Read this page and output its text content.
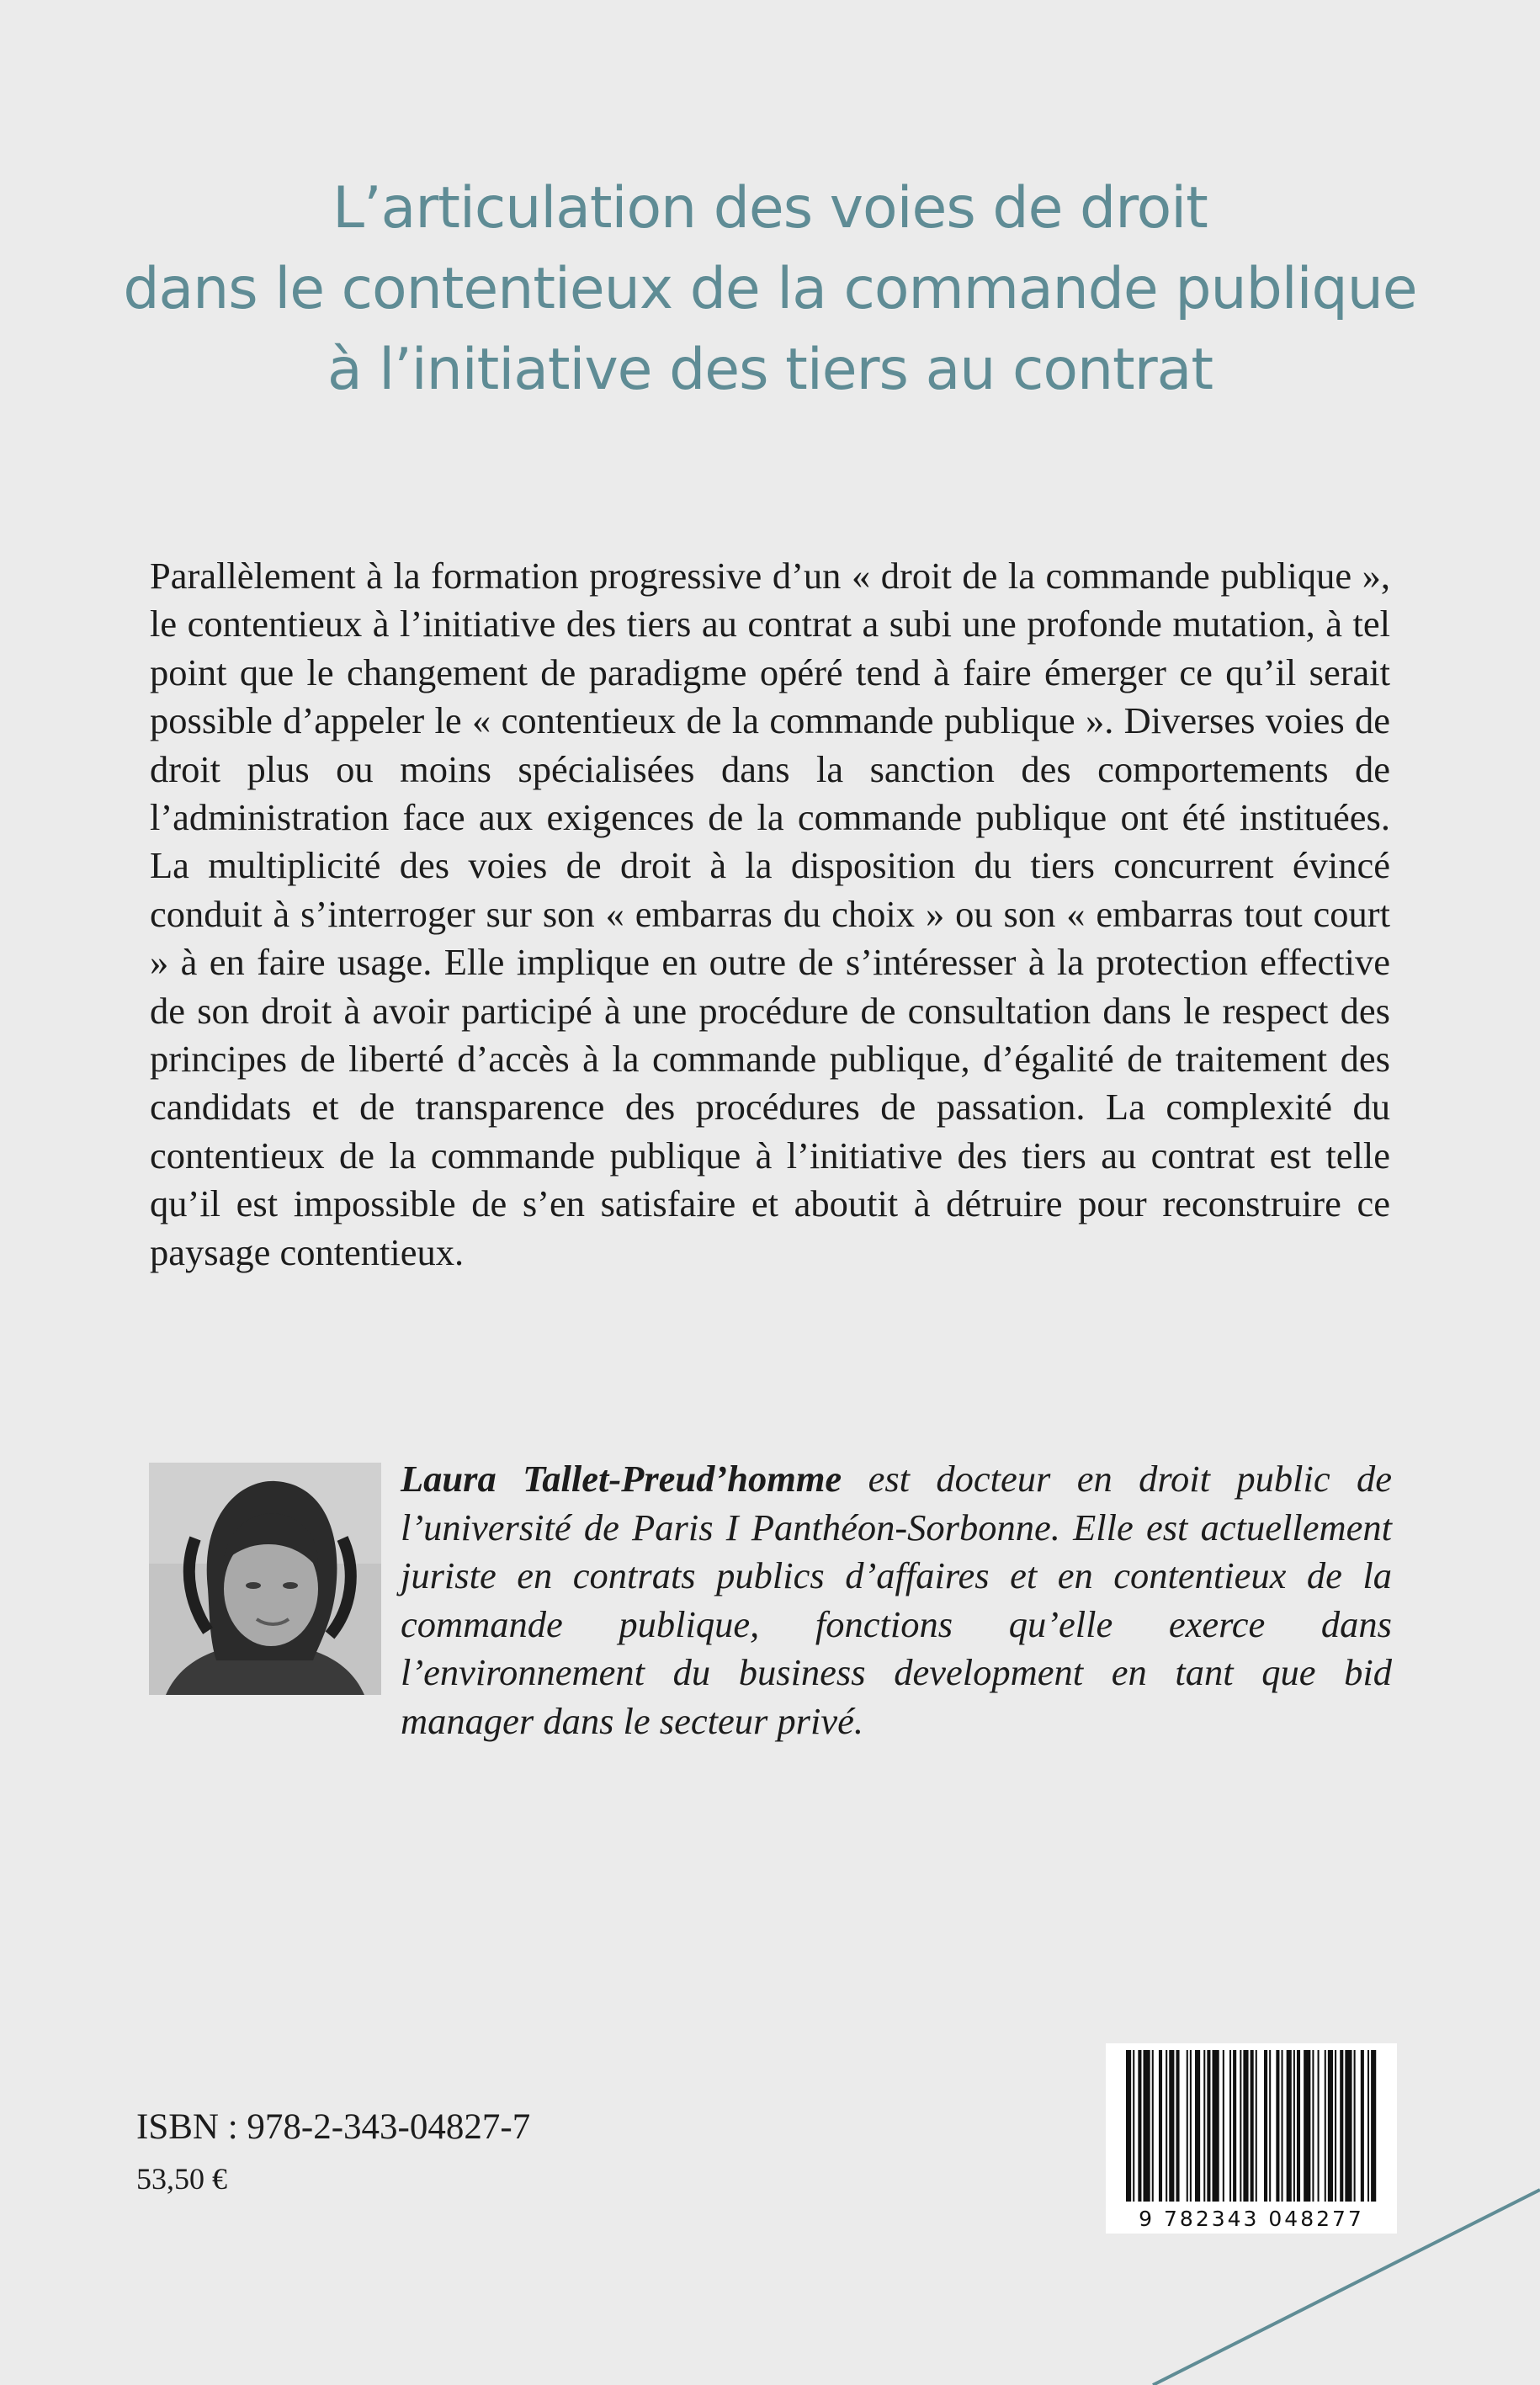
L’articulation des voies de droit
dans le contentieux de la commande publique
à l’initiative des tiers au contrat

Parallèlement à la formation progressive d’un « droit de la commande publique », le contentieux à l’initiative des tiers au contrat a subi une profonde mutation, à tel point que le changement de paradigme opéré tend à faire émerger ce qu’il serait possible d’appeler le « contentieux de la commande publique ». Diverses voies de droit plus ou moins spécialisées dans la sanction des comportements de l’administration face aux exigences de la commande publique ont été instituées. La multiplicité des voies de droit à la disposition du tiers concurrent évincé conduit à s’interroger sur son « embarras du choix » ou son « embarras tout court » à en faire usage. Elle implique en outre de s’intéresser à la protection effective de son droit à avoir participé à une procédure de consultation dans le respect des principes de liberté d’accès à la commande publique, d’égalité de traitement des candidats et de transparence des procédures de passation. La complexité du contentieux de la commande publique à l’initiative des tiers au contrat est telle qu’il est impossible de s’en satisfaire et aboutit à détruire pour reconstruire ce paysage contentieux.

Laura Tallet-Preud’homme est docteur en droit public de l’université de Paris I Panthéon-Sorbonne. Elle est actuellement juriste en contrats publics d’affaires et en contentieux de la commande publique, fonctions qu’elle exerce dans l’environnement du business development en tant que bid manager dans le secteur privé.

ISBN : 978-2-343-04827-7

53,50 €

9 782343 048277
